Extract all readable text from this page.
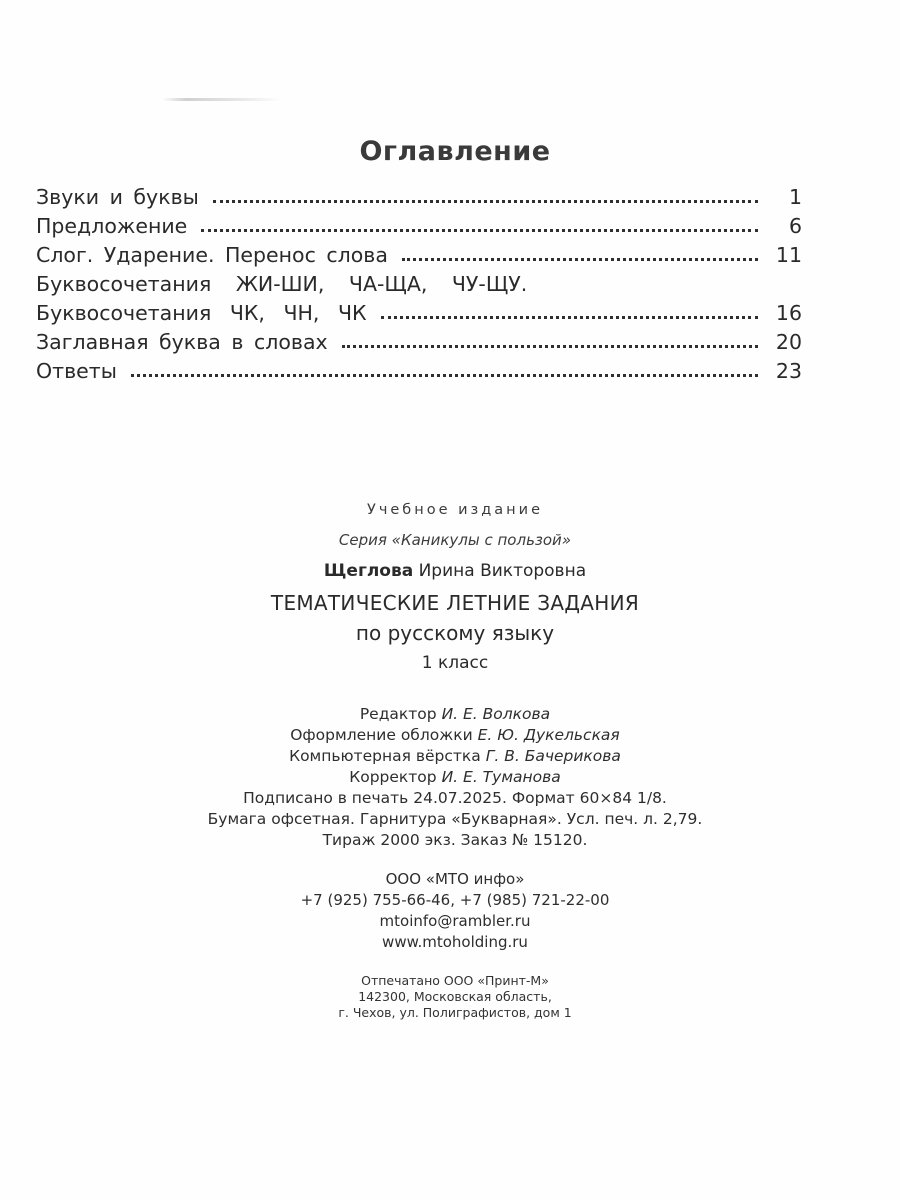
Оглавление
Звуки и буквы	1
Предложение	6
Слог. Ударение. Перенос слова	11
Буквосочетания ЖИ-ШИ, ЧА-ЩА, ЧУ-ЩУ.
Буквосочетания ЧК, ЧН, ЧК	16
Заглавная буква в словах	20
Ответы	23
Учебное издание
Серия «Каникулы с пользой»
Щеглова Ирина Викторовна
ТЕМАТИЧЕСКИЕ ЛЕТНИЕ ЗАДАНИЯ
по русскому языку
1 класс
Редактор И. Е. Волкова
Оформление обложки Е. Ю. Дукельская
Компьютерная вёрстка Г. В. Бачерикова
Корректор И. Е. Туманова
Подписано в печать 24.07.2025. Формат 60×84 1/8.
Бумага офсетная. Гарнитура «Букварная». Усл. печ. л. 2,79.
Тираж 2000 экз. Заказ № 15120.
ООО «МТО инфо»
+7 (925) 755-66-46, +7 (985) 721-22-00
mtoinfo@rambler.ru
www.mtoholding.ru
Отпечатано ООО «Принт-М»
142300, Московская область,
г. Чехов, ул. Полиграфистов, дом 1
